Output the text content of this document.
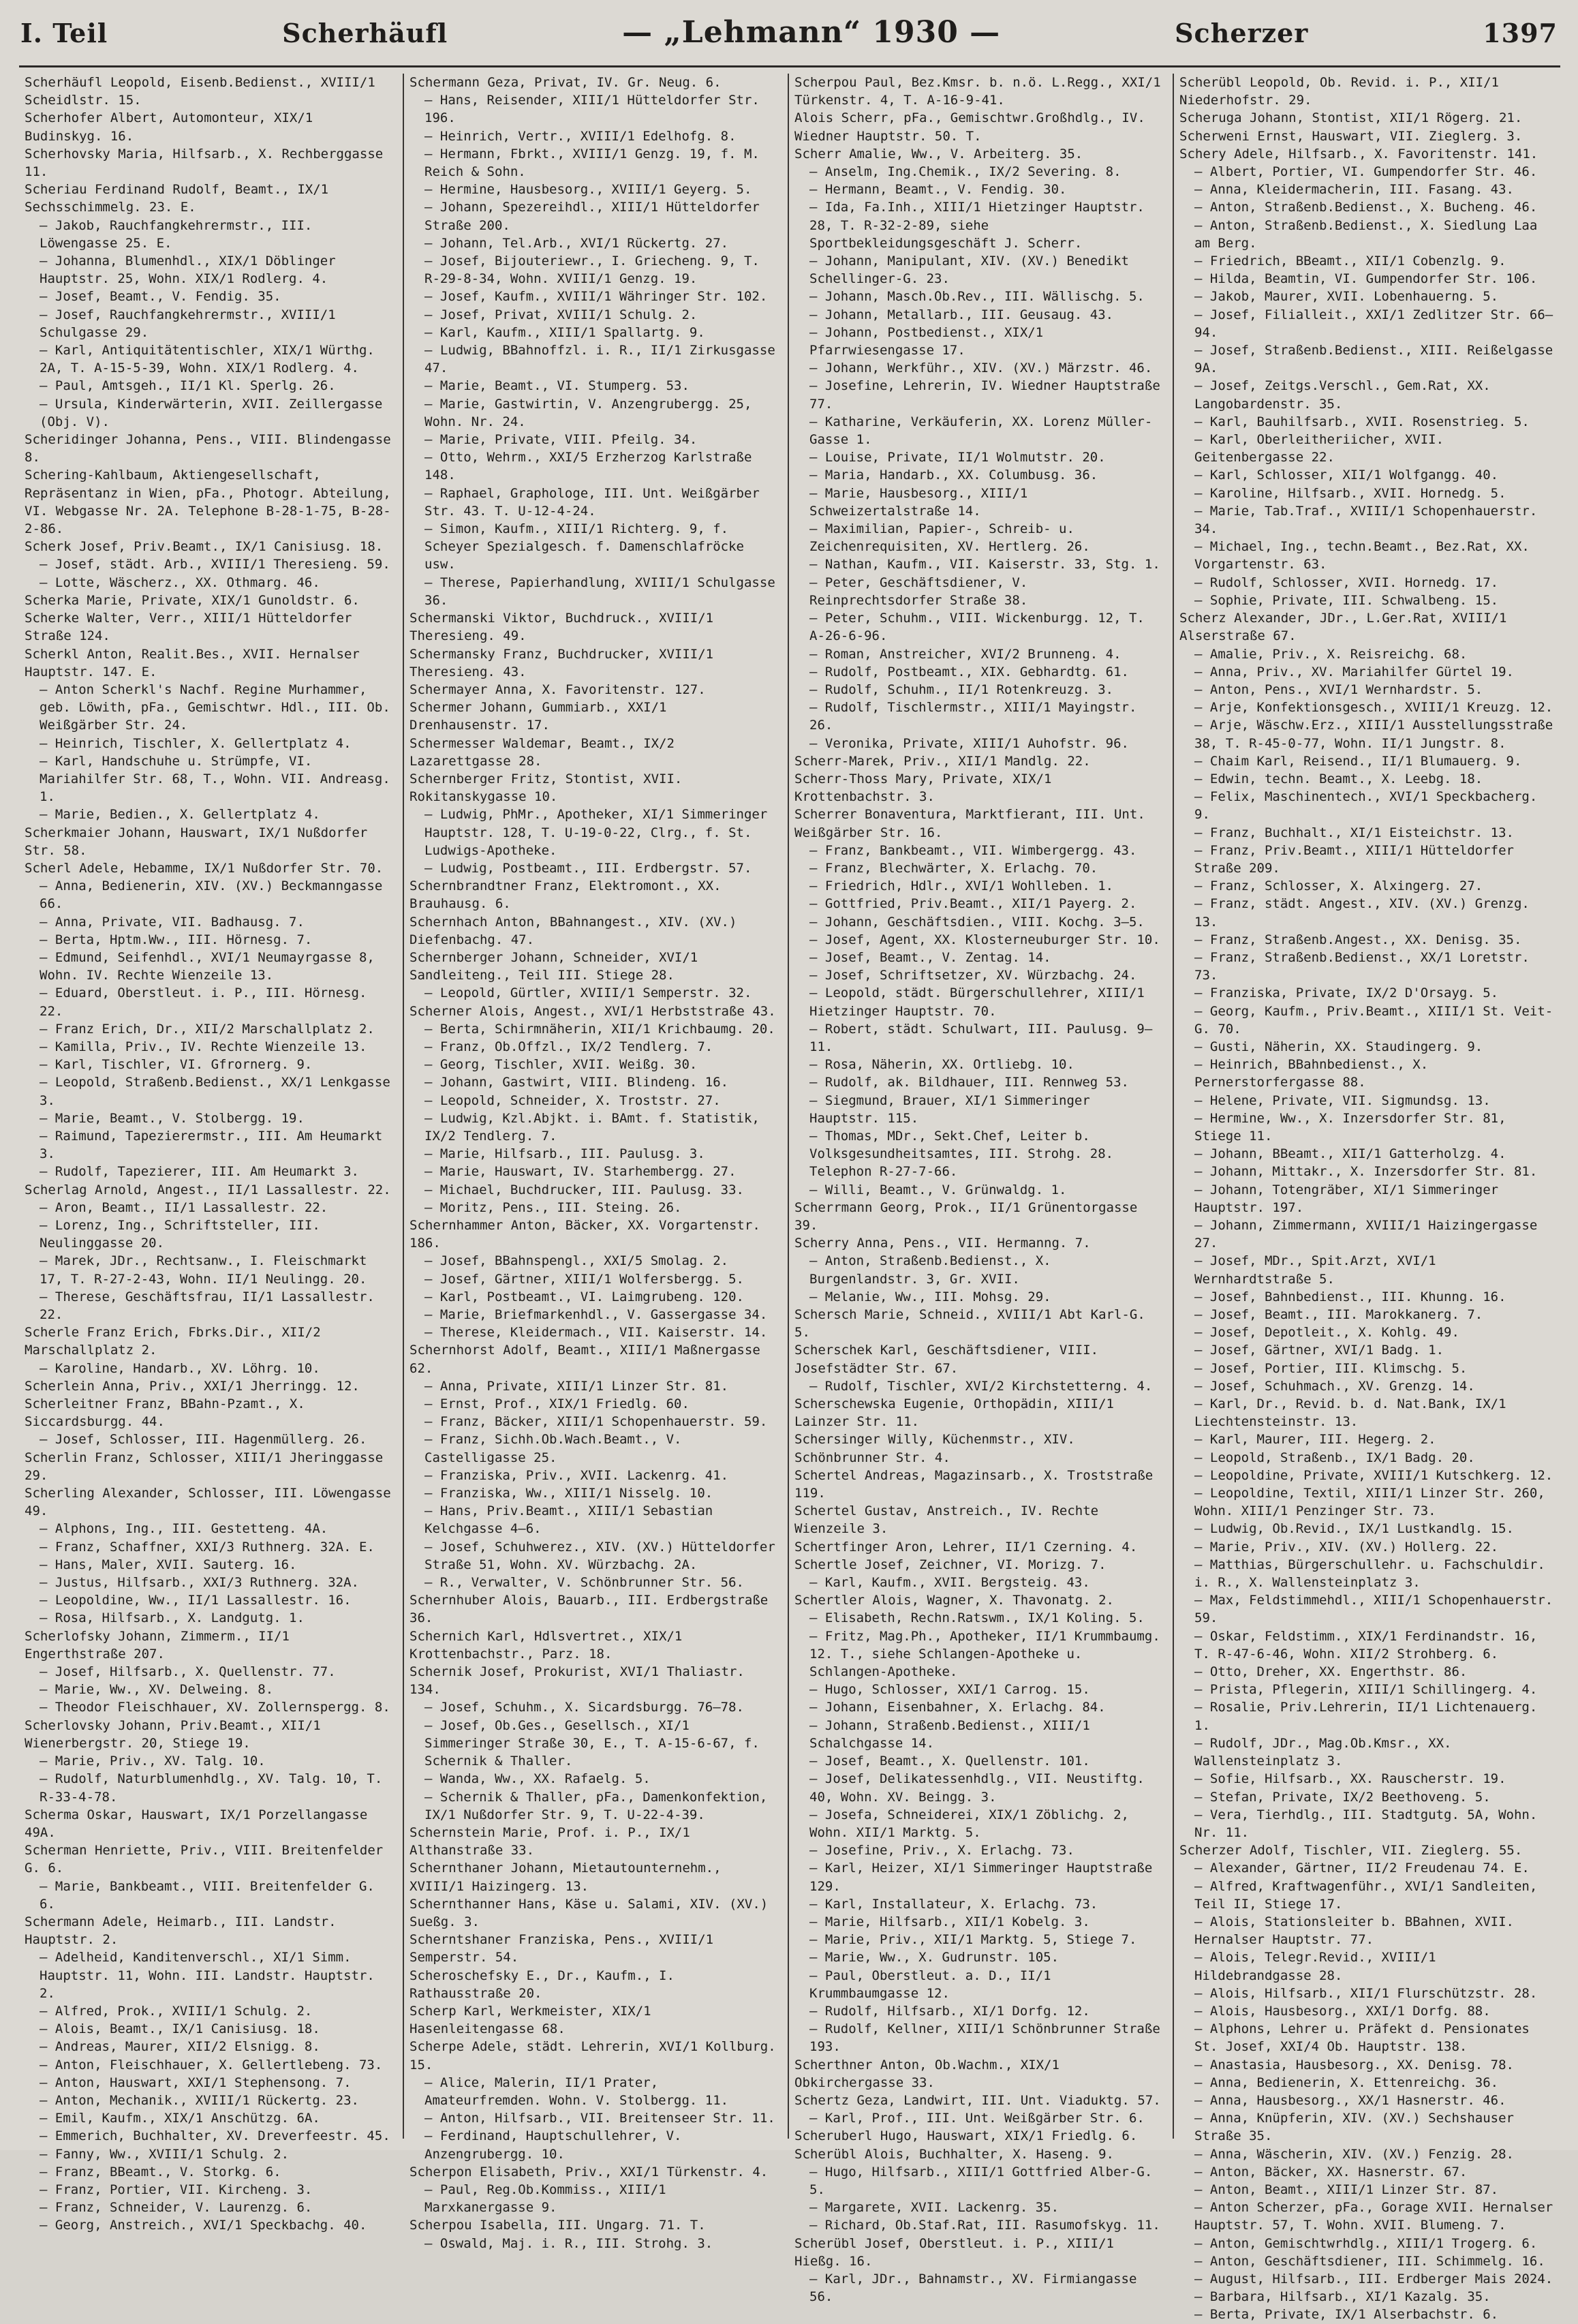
I. Teil	Scherhäufl	— „Lehmann“ 1930 —	Scherzer	1397

Scherhäufl Leopold, Eisenb.Bedienst., XVIII/1 Scheidlstr. 15.

Scherhofer Albert, Automonteur, XIX/1 Budinskyg. 16.

Scherhovsky Maria, Hilfsarb., X. Rechberggasse 11.

Scheriau Ferdinand Rudolf, Beamt., IX/1 Sechsschimmelg. 23. E.

— Jakob, Rauchfangkehrermstr., III. Löwengasse 25. E.

— Johanna, Blumenhdl., XIX/1 Döblinger Hauptstr. 25, Wohn. XIX/1 Rodlerg. 4.

— Josef, Beamt., V. Fendig. 35.

— Josef, Rauchfangkehrermstr., XVIII/1 Schulgasse 29.

— Karl, Antiquitätentischler, XIX/1 Würthg. 2A, T. A-15-5-39, Wohn. XIX/1 Rodlerg. 4.

— Paul, Amtsgeh., II/1 Kl. Sperlg. 26.

— Ursula, Kinderwärterin, XVII. Zeillergasse (Obj. V).

Scheridinger Johanna, Pens., VIII. Blindengasse 8.

Schering-Kahlbaum, Aktiengesellschaft, Repräsentanz in Wien, pFa., Photogr. Abteilung, VI. Webgasse Nr. 2A. Telephone B-28-1-75, B-28-2-86.

Scherk Josef, Priv.Beamt., IX/1 Canisiusg. 18.

— Josef, städt. Arb., XVIII/1 Theresieng. 59.

— Lotte, Wäscherz., XX. Othmarg. 46.

Scherka Marie, Private, XIX/1 Gunoldstr. 6.

Scherke Walter, Verr., XIII/1 Hütteldorfer Straße 124.

Scherkl Anton, Realit.Bes., XVII. Hernalser Hauptstr. 147. E.

— Anton Scherkl's Nachf. Regine Murhammer, geb. Löwith, pFa., Gemischtwr. Hdl., III. Ob. Weißgärber Str. 24.

— Heinrich, Tischler, X. Gellertplatz 4.

— Karl, Handschuhe u. Strümpfe, VI. Mariahilfer Str. 68, T., Wohn. VII. Andreasg. 1.

— Marie, Bedien., X. Gellertplatz 4.

Scherkmaier Johann, Hauswart, IX/1 Nußdorfer Str. 58.

Scherl Adele, Hebamme, IX/1 Nußdorfer Str. 70.

— Anna, Bedienerin, XIV. (XV.) Beckmanngasse 66.

— Anna, Private, VII. Badhausg. 7.

— Berta, Hptm.Ww., III. Hörnesg. 7.

— Edmund, Seifenhdl., XVI/1 Neumayrgasse 8, Wohn. IV. Rechte Wienzeile 13.

— Eduard, Oberstleut. i. P., III. Hörnesg. 22.

— Franz Erich, Dr., XII/2 Marschallplatz 2.

— Kamilla, Priv., IV. Rechte Wienzeile 13.

— Karl, Tischler, VI. Gfrornerg. 9.

— Leopold, Straßenb.Bedienst., XX/1 Lenkgasse 3.

— Marie, Beamt., V. Stolbergg. 19.

— Raimund, Tapezierermstr., III. Am Heumarkt 3.

— Rudolf, Tapezierer, III. Am Heumarkt 3.

Scherlag Arnold, Angest., II/1 Lassallestr. 22.

— Aron, Beamt., II/1 Lassallestr. 22.

— Lorenz, Ing., Schriftsteller, III. Neulinggasse 20.

— Marek, JDr., Rechtsanw., I. Fleischmarkt 17, T. R-27-2-43, Wohn. II/1 Neulingg. 20.

— Therese, Geschäftsfrau, II/1 Lassallestr. 22.

Scherle Franz Erich, Fbrks.Dir., XII/2 Marschallplatz 2.

— Karoline, Handarb., XV. Löhrg. 10.

Scherlein Anna, Priv., XXI/1 Jherringg. 12.

Scherleitner Franz, BBahn-Pzamt., X. Siccardsburgg. 44.

— Josef, Schlosser, III. Hagenmüllerg. 26.

Scherlin Franz, Schlosser, XIII/1 Jheringgasse 29.

Scherling Alexander, Schlosser, III. Löwengasse 49.

— Alphons, Ing., III. Gestetteng. 4A.

— Franz, Schaffner, XXI/3 Ruthnerg. 32A. E.

— Hans, Maler, XVII. Sauterg. 16.

— Justus, Hilfsarb., XXI/3 Ruthnerg. 32A.

— Leopoldine, Ww., II/1 Lassallestr. 16.

— Rosa, Hilfsarb., X. Landgutg. 1.

Scherlofsky Johann, Zimmerm., II/1 Engerthstraße 207.

— Josef, Hilfsarb., X. Quellenstr. 77.

— Marie, Ww., XV. Delweing. 8.

— Theodor Fleischhauer, XV. Zollernspergg. 8.

Scherlovsky Johann, Priv.Beamt., XII/1 Wienerbergstr. 20, Stiege 19.

— Marie, Priv., XV. Talg. 10.

— Rudolf, Naturblumenhdlg., XV. Talg. 10, T. R-33-4-78.

Scherma Oskar, Hauswart, IX/1 Porzellangasse 49A.

Scherman Henriette, Priv., VIII. Breitenfelder G. 6.

— Marie, Bankbeamt., VIII. Breitenfelder G. 6.

Schermann Adele, Heimarb., III. Landstr. Hauptstr. 2.

— Adelheid, Kanditenverschl., XI/1 Simm. Hauptstr. 11, Wohn. III. Landstr. Hauptstr. 2.

— Alfred, Prok., XVIII/1 Schulg. 2.

— Alois, Beamt., IX/1 Canisiusg. 18.

— Andreas, Maurer, XII/2 Elsnigg. 8.

— Anton, Fleischhauer, X. Gellertlebeng. 73.

— Anton, Hauswart, XXI/1 Stephensong. 7.

— Anton, Mechanik., XVIII/1 Rückertg. 23.

— Emil, Kaufm., XIX/1 Anschützg. 6A.

— Emmerich, Buchhalter, XV. Dreverfeestr. 45.

— Fanny, Ww., XVIII/1 Schulg. 2.

— Franz, BBeamt., V. Storkg. 6.

— Franz, Portier, VII. Kircheng. 3.

— Franz, Schneider, V. Laurenzg. 6.

— Georg, Anstreich., XVI/1 Speckbachg. 40.

Schermann Geza, Privat, IV. Gr. Neug. 6.

— Hans, Reisender, XIII/1 Hütteldorfer Str. 196.

— Heinrich, Vertr., XVIII/1 Edelhofg. 8.

— Hermann, Fbrkt., XVIII/1 Genzg. 19, f. M. Reich & Sohn.

— Hermine, Hausbesorg., XVIII/1 Geyerg. 5.

— Johann, Spezereihdl., XIII/1 Hütteldorfer Straße 200.

— Johann, Tel.Arb., XVI/1 Rückertg. 27.

— Josef, Bijouteriewr., I. Griecheng. 9, T. R-29-8-34, Wohn. XVIII/1 Genzg. 19.

— Josef, Kaufm., XVIII/1 Währinger Str. 102.

— Josef, Privat, XVIII/1 Schulg. 2.

— Karl, Kaufm., XIII/1 Spallartg. 9.

— Ludwig, BBahnoffzl. i. R., II/1 Zirkusgasse 47.

— Marie, Beamt., VI. Stumperg. 53.

— Marie, Gastwirtin, V. Anzengrubergg. 25, Wohn. Nr. 24.

— Marie, Private, VIII. Pfeilg. 34.

— Otto, Wehrm., XXI/5 Erzherzog Karlstraße 148.

— Raphael, Graphologe, III. Unt. Weißgärber Str. 43. T. U-12-4-24.

— Simon, Kaufm., XIII/1 Richterg. 9, f. Scheyer Spezialgesch. f. Damenschlafröcke usw.

— Therese, Papierhandlung, XVIII/1 Schulgasse 36.

Schermanski Viktor, Buchdruck., XVIII/1 Theresieng. 49.

Schermansky Franz, Buchdrucker, XVIII/1 Theresieng. 43.

Schermayer Anna, X. Favoritenstr. 127.

Schermer Johann, Gummiarb., XXI/1 Drenhausenstr. 17.

Schermesser Waldemar, Beamt., IX/2 Lazarettgasse 28.

Schernberger Fritz, Stontist, XVII. Rokitanskygasse 10.

— Ludwig, PhMr., Apotheker, XI/1 Simmeringer Hauptstr. 128, T. U-19-0-22, Clrg., f. St. Ludwigs-Apotheke.

— Ludwig, Postbeamt., III. Erdbergstr. 57.

Schernbrandtner Franz, Elektromont., XX. Brauhausg. 6.

Schernhach Anton, BBahnangest., XIV. (XV.) Diefenbachg. 47.

Schernberger Johann, Schneider, XVI/1 Sandleiteng., Teil III. Stiege 28.

— Leopold, Gürtler, XVIII/1 Semperstr. 32.

Scherner Alois, Angest., XVI/1 Herbststraße 43.

— Berta, Schirmnäherin, XII/1 Krichbaumg. 20.

— Franz, Ob.Offzl., IX/2 Tendlerg. 7.

— Georg, Tischler, XVII. Weißg. 30.

— Johann, Gastwirt, VIII. Blindeng. 16.

— Leopold, Schneider, X. Troststr. 27.

— Ludwig, Kzl.Abjkt. i. BAmt. f. Statistik, IX/2 Tendlerg. 7.

— Marie, Hilfsarb., III. Paulusg. 3.

— Marie, Hauswart, IV. Starhembergg. 27.

— Michael, Buchdrucker, III. Paulusg. 33.

— Moritz, Pens., III. Steing. 26.

Schernhammer Anton, Bäcker, XX. Vorgartenstr. 186.

— Josef, BBahnspengl., XXI/5 Smolag. 2.

— Josef, Gärtner, XIII/1 Wolfersbergg. 5.

— Karl, Postbeamt., VI. Laimgrubeng. 120.

— Marie, Briefmarkenhdl., V. Gassergasse 34.

— Therese, Kleidermach., VII. Kaiserstr. 14.

Schernhorst Adolf, Beamt., XIII/1 Maßnergasse 62.

— Anna, Private, XIII/1 Linzer Str. 81.

— Ernst, Prof., XIX/1 Friedlg. 60.

— Franz, Bäcker, XIII/1 Schopenhauerstr. 59.

— Franz, Sichh.Ob.Wach.Beamt., V. Castelligasse 25.

— Franziska, Priv., XVII. Lackenrg. 41.

— Franziska, Ww., XIII/1 Nisselg. 10.

— Hans, Priv.Beamt., XIII/1 Sebastian Kelchgasse 4—6.

— Josef, Schuhwerez., XIV. (XV.) Hütteldorfer Straße 51, Wohn. XV. Würzbachg. 2A.

— R., Verwalter, V. Schönbrunner Str. 56.

Schernhuber Alois, Bauarb., III. Erdbergstraße 36.

Schernich Karl, Hdlsvertret., XIX/1 Krottenbachstr., Parz. 18.

Schernik Josef, Prokurist, XVI/1 Thaliastr. 134.

— Josef, Schuhm., X. Sicardsburgg. 76—78.

— Josef, Ob.Ges., Gesellsch., XI/1 Simmeringer Straße 30, E., T. A-15-6-67, f. Schernik & Thaller.

— Wanda, Ww., XX. Rafaelg. 5.

— Schernik & Thaller, pFa., Damenkonfektion, IX/1 Nußdorfer Str. 9, T. U-22-4-39.

Schernstein Marie, Prof. i. P., IX/1 Althanstraße 33.

Schernthaner Johann, Mietautounternehm., XVIII/1 Haizingerg. 13.

Schernthanner Hans, Käse u. Salami, XIV. (XV.) Sueßg. 3.

Scherntshaner Franziska, Pens., XVIII/1 Semperstr. 54.

Scheroschefsky E., Dr., Kaufm., I. Rathausstraße 20.

Scherp Karl, Werkmeister, XIX/1 Hasenleitengasse 68.

Scherpe Adele, städt. Lehrerin, XVI/1 Kollburg. 15.

— Alice, Malerin, II/1 Prater, Amateurfremden. Wohn. V. Stolbergg. 11.

— Anton, Hilfsarb., VII. Breitenseer Str. 11.

— Ferdinand, Hauptschullehrer, V. Anzengrubergg. 10.

Scherpon Elisabeth, Priv., XXI/1 Türkenstr. 4.

— Paul, Reg.Ob.Kommiss., XIII/1 Marxkanergasse 9.

Scherpou Isabella, III. Ungarg. 71. T.

— Oswald, Maj. i. R., III. Strohg. 3.

Scherpou Paul, Bez.Kmsr. b. n.ö. L.Regg., XXI/1 Türkenstr. 4, T. A-16-9-41.

Alois Scherr, pFa., Gemischtwr.Großhdlg., IV. Wiedner Hauptstr. 50. T.

Scherr Amalie, Ww., V. Arbeiterg. 35.

— Anselm, Ing.Chemik., IX/2 Severing. 8.

— Hermann, Beamt., V. Fendig. 30.

— Ida, Fa.Inh., XIII/1 Hietzinger Hauptstr. 28, T. R-32-2-89, siehe Sportbekleidungsgeschäft J. Scherr.

— Johann, Manipulant, XIV. (XV.) Benedikt Schellinger-G. 23.

— Johann, Masch.Ob.Rev., III. Wällischg. 5.

— Johann, Metallarb., III. Geusaug. 43.

— Johann, Postbedienst., XIX/1 Pfarrwiesengasse 17.

— Johann, Werkführ., XIV. (XV.) Märzstr. 46.

— Josefine, Lehrerin, IV. Wiedner Hauptstraße 77.

— Katharine, Verkäuferin, XX. Lorenz Müller-Gasse 1.

— Louise, Private, II/1 Wolmutstr. 20.

— Maria, Handarb., XX. Columbusg. 36.

— Marie, Hausbesorg., XIII/1 Schweizertalstraße 14.

— Maximilian, Papier-, Schreib- u. Zeichenrequisiten, XV. Hertlerg. 26.

— Nathan, Kaufm., VII. Kaiserstr. 33, Stg. 1.

— Peter, Geschäftsdiener, V. Reinprechtsdorfer Straße 38.

— Peter, Schuhm., VIII. Wickenburgg. 12, T. A-26-6-96.

— Roman, Anstreicher, XVI/2 Brunneng. 4.

— Rudolf, Postbeamt., XIX. Gebhardtg. 61.

— Rudolf, Schuhm., II/1 Rotenkreuzg. 3.

— Rudolf, Tischlermstr., XIII/1 Mayingstr. 26.

— Veronika, Private, XIII/1 Auhofstr. 96.

Scherr-Marek, Priv., XII/1 Mandlg. 22.

Scherr-Thoss Mary, Private, XIX/1 Krottenbachstr. 3.

Scherrer Bonaventura, Marktfierant, III. Unt. Weißgärber Str. 16.

— Franz, Bankbeamt., VII. Wimbergergg. 43.

— Franz, Blechwärter, X. Erlachg. 70.

— Friedrich, Hdlr., XVI/1 Wohlleben. 1.

— Gottfried, Priv.Beamt., XII/1 Payerg. 2.

— Johann, Geschäftsdien., VIII. Kochg. 3—5.

— Josef, Agent, XX. Klosterneuburger Str. 10.

— Josef, Beamt., V. Zentag. 14.

— Josef, Schriftsetzer, XV. Würzbachg. 24.

— Leopold, städt. Bürgerschullehrer, XIII/1 Hietzinger Hauptstr. 70.

— Robert, städt. Schulwart, III. Paulusg. 9—11.

— Rosa, Näherin, XX. Ortliebg. 10.

— Rudolf, ak. Bildhauer, III. Rennweg 53.

— Siegmund, Brauer, XI/1 Simmeringer Hauptstr. 115.

— Thomas, MDr., Sekt.Chef, Leiter b. Volksgesundheitsamtes, III. Strohg. 28. Telephon R-27-7-66.

— Willi, Beamt., V. Grünwaldg. 1.

Scherrmann Georg, Prok., II/1 Grünentorgasse 39.

Scherry Anna, Pens., VII. Hermanng. 7.

— Anton, Straßenb.Bedienst., X. Burgenlandstr. 3, Gr. XVII.

— Melanie, Ww., III. Mohsg. 29.

Schersch Marie, Schneid., XVIII/1 Abt Karl-G. 5.

Scherschek Karl, Geschäftsdiener, VIII. Josefstädter Str. 67.

— Rudolf, Tischler, XVI/2 Kirchstetterng. 4.

Scherschewska Eugenie, Orthopädin, XIII/1 Lainzer Str. 11.

Schersinger Willy, Küchenmstr., XIV. Schönbrunner Str. 4.

Schertel Andreas, Magazinsarb., X. Troststraße 119.

Schertel Gustav, Anstreich., IV. Rechte Wienzeile 3.

Schertfinger Aron, Lehrer, II/1 Czerning. 4.

Schertle Josef, Zeichner, VI. Morizg. 7.

— Karl, Kaufm., XVII. Bergsteig. 43.

Schertler Alois, Wagner, X. Thavonatg. 2.

— Elisabeth, Rechn.Ratswm., IX/1 Koling. 5.

— Fritz, Mag.Ph., Apotheker, II/1 Krummbaumg. 12. T., siehe Schlangen-Apotheke u. Schlangen-Apotheke.

— Hugo, Schlosser, XXI/1 Carrog. 15.

— Johann, Eisenbahner, X. Erlachg. 84.

— Johann, Straßenb.Bedienst., XIII/1 Schalchgasse 14.

— Josef, Beamt., X. Quellenstr. 101.

— Josef, Delikatessenhdlg., VII. Neustiftg. 40, Wohn. XV. Beingg. 3.

— Josefa, Schneiderei, XIX/1 Zöblichg. 2, Wohn. XII/1 Marktg. 5.

— Josefine, Priv., X. Erlachg. 73.

— Karl, Heizer, XI/1 Simmeringer Hauptstraße 129.

— Karl, Installateur, X. Erlachg. 73.

— Marie, Hilfsarb., XII/1 Kobelg. 3.

— Marie, Priv., XII/1 Marktg. 5, Stiege 7.

— Marie, Ww., X. Gudrunstr. 105.

— Paul, Oberstleut. a. D., II/1 Krummbaumgasse 12.

— Rudolf, Hilfsarb., XI/1 Dorfg. 12.

— Rudolf, Kellner, XIII/1 Schönbrunner Straße 193.

Scherthner Anton, Ob.Wachm., XIX/1 Obkirchergasse 33.

Schertz Geza, Landwirt, III. Unt. Viaduktg. 57.

— Karl, Prof., III. Unt. Weißgärber Str. 6.

Scheruberl Hugo, Hauswart, XIX/1 Friedlg. 6.

Scherübl Alois, Buchhalter, X. Haseng. 9.

— Hugo, Hilfsarb., XIII/1 Gottfried Alber-G. 5.

— Margarete, XVII. Lackenrg. 35.

— Richard, Ob.Staf.Rat, III. Rasumofskyg. 11.

Scherübl Josef, Oberstleut. i. P., XIII/1 Hießg. 16.

— Karl, JDr., Bahnamstr., XV. Firmiangasse 56.

Scherübl Leopold, Ob. Revid. i. P., XII/1 Niederhofstr. 29.

Scheruga Johann, Stontist, XII/1 Rögerg. 21.

Scherweni Ernst, Hauswart, VII. Zieglerg. 3.

Schery Adele, Hilfsarb., X. Favoritenstr. 141.

— Albert, Portier, VI. Gumpendorfer Str. 46.

— Anna, Kleidermacherin, III. Fasang. 43.

— Anton, Straßenb.Bedienst., X. Bucheng. 46.

— Anton, Straßenb.Bedienst., X. Siedlung Laa am Berg.

— Friedrich, BBeamt., XII/1 Cobenzlg. 9.

— Hilda, Beamtin, VI. Gumpendorfer Str. 106.

— Jakob, Maurer, XVII. Lobenhauerng. 5.

— Josef, Filialleit., XXI/1 Zedlitzer Str. 66—94.

— Josef, Straßenb.Bedienst., XIII. Reißelgasse 9A.

— Josef, Zeitgs.Verschl., Gem.Rat, XX. Langobardenstr. 35.

— Karl, Bauhilfsarb., XVII. Rosenstrieg. 5.

— Karl, Oberleitheriicher, XVII. Geitenbergasse 22.

— Karl, Schlosser, XII/1 Wolfgangg. 40.

— Karoline, Hilfsarb., XVII. Hornedg. 5.

— Marie, Tab.Traf., XVIII/1 Schopenhauerstr. 34.

— Michael, Ing., techn.Beamt., Bez.Rat, XX. Vorgartenstr. 63.

— Rudolf, Schlosser, XVII. Hornedg. 17.

— Sophie, Private, III. Schwalbeng. 15.

Scherz Alexander, JDr., L.Ger.Rat, XVIII/1 Alserstraße 67.

— Amalie, Priv., X. Reisreichg. 68.

— Anna, Priv., XV. Mariahilfer Gürtel 19.

— Anton, Pens., XVI/1 Wernhardstr. 5.

— Arje, Konfektionsgesch., XVIII/1 Kreuzg. 12.

— Arje, Wäschw.Erz., XIII/1 Ausstellungsstraße 38, T. R-45-0-77, Wohn. II/1 Jungstr. 8.

— Chaim Karl, Reisend., II/1 Blumauerg. 9.

— Edwin, techn. Beamt., X. Leebg. 18.

— Felix, Maschinentech., XVI/1 Speckbacherg. 9.

— Franz, Buchhalt., XI/1 Eisteichstr. 13.

— Franz, Priv.Beamt., XIII/1 Hütteldorfer Straße 209.

— Franz, Schlosser, X. Alxingerg. 27.

— Franz, städt. Angest., XIV. (XV.) Grenzg. 13.

— Franz, Straßenb.Angest., XX. Denisg. 35.

— Franz, Straßenb.Bedienst., XX/1 Loretstr. 73.

— Franziska, Private, IX/2 D'Orsayg. 5.

— Georg, Kaufm., Priv.Beamt., XIII/1 St. Veit-G. 70.

— Gusti, Näherin, XX. Staudingerg. 9.

— Heinrich, BBahnbedienst., X. Pernerstorfergasse 88.

— Helene, Private, VII. Sigmundsg. 13.

— Hermine, Ww., X. Inzersdorfer Str. 81, Stiege 11.

— Johann, BBeamt., XII/1 Gatterholzg. 4.

— Johann, Mittakr., X. Inzersdorfer Str. 81.

— Johann, Totengräber, XI/1 Simmeringer Hauptstr. 197.

— Johann, Zimmermann, XVIII/1 Haizingergasse 27.

— Josef, MDr., Spit.Arzt, XVI/1 Wernhardtstraße 5.

— Josef, Bahnbedienst., III. Khunng. 16.

— Josef, Beamt., III. Marokkanerg. 7.

— Josef, Depotleit., X. Kohlg. 49.

— Josef, Gärtner, XVI/1 Badg. 1.

— Josef, Portier, III. Klimschg. 5.

— Josef, Schuhmach., XV. Grenzg. 14.

— Karl, Dr., Revid. b. d. Nat.Bank, IX/1 Liechtensteinstr. 13.

— Karl, Maurer, III. Hegerg. 2.

— Leopold, Straßenb., IX/1 Badg. 20.

— Leopoldine, Private, XVIII/1 Kutschkerg. 12.

— Leopoldine, Textil, XIII/1 Linzer Str. 260, Wohn. XIII/1 Penzinger Str. 73.

— Ludwig, Ob.Revid., IX/1 Lustkandlg. 15.

— Marie, Priv., XIV. (XV.) Hollerg. 22.

— Matthias, Bürgerschullehr. u. Fachschuldir. i. R., X. Wallensteinplatz 3.

— Max, Feldstimmehdl., XIII/1 Schopenhauerstr. 59.

— Oskar, Feldstimm., XIX/1 Ferdinandstr. 16, T. R-47-6-46, Wohn. XII/2 Strohberg. 6.

— Otto, Dreher, XX. Engerthstr. 86.

— Prista, Pflegerin, XIII/1 Schillingerg. 4.

— Rosalie, Priv.Lehrerin, II/1 Lichtenauerg. 1.

— Rudolf, JDr., Mag.Ob.Kmsr., XX. Wallensteinplatz 3.

— Sofie, Hilfsarb., XX. Rauscherstr. 19.

— Stefan, Private, IX/2 Beethoveng. 5.

— Vera, Tierhdlg., III. Stadtgutg. 5A, Wohn. Nr. 11.

Scherzer Adolf, Tischler, VII. Zieglerg. 55.

— Alexander, Gärtner, II/2 Freudenau 74. E.

— Alfred, Kraftwagenführ., XVI/1 Sandleiten, Teil II, Stiege 17.

— Alois, Stationsleiter b. BBahnen, XVII. Hernalser Hauptstr. 77.

— Alois, Telegr.Revid., XVIII/1 Hildebrandgasse 28.

— Alois, Hilfsarb., XII/1 Flurschützstr. 28.

— Alois, Hausbesorg., XXI/1 Dorfg. 88.

— Alphons, Lehrer u. Präfekt d. Pensionates St. Josef, XXI/4 Ob. Hauptstr. 138.

— Anastasia, Hausbesorg., XX. Denisg. 78.

— Anna, Bedienerin, X. Ettenreichg. 36.

— Anna, Hausbesorg., XX/1 Hasnerstr. 46.

— Anna, Knüpferin, XIV. (XV.) Sechshauser Straße 35.

— Anna, Wäscherin, XIV. (XV.) Fenzig. 28.

— Anton, Bäcker, XX. Hasnerstr. 67.

— Anton, Beamt., XIII/1 Linzer Str. 87.

— Anton Scherzer, pFa., Gorage XVII. Hernalser Hauptstr. 57, T. Wohn. XVII. Blumeng. 7.

— Anton, Gemischtwrhdlg., XIII/1 Trogerg. 6.

— Anton, Geschäftsdiener, III. Schimmelg. 16.

— August, Hilfsarb., III. Erdberger Mais 2024.

— Barbara, Hilfsarb., XI/1 Kazalg. 35.

— Berta, Private, IX/1 Alserbachstr. 6.
